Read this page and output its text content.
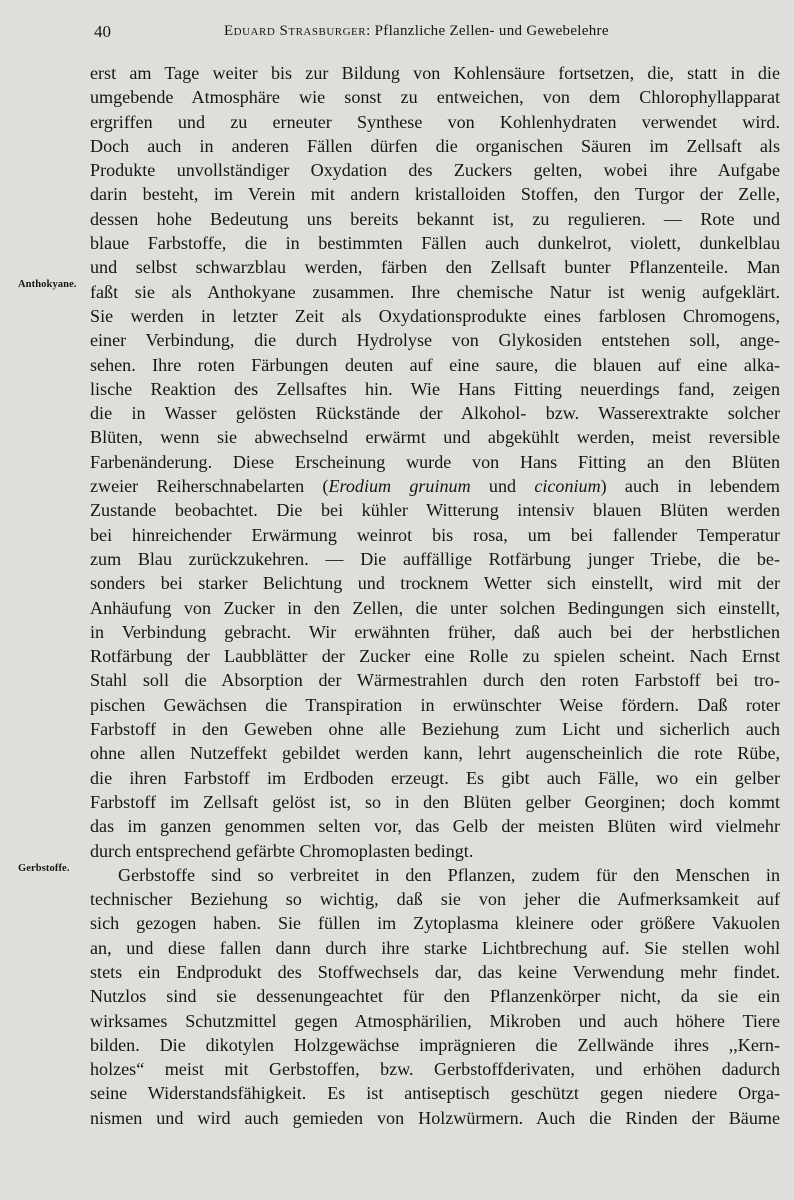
40	Eduard Strasburger: Pflanzliche Zellen- und Gewebelehre
Anthokyane.
Gerbstoffe.
erst am Tage weiter bis zur Bildung von Kohlensäure fortsetzen, die, statt in die
umgebende Atmosphäre wie sonst zu entweichen, von dem Chlorophyllapparat
ergriffen und zu erneuter Synthese von Kohlenhydraten verwendet wird.
Doch auch in anderen Fällen dürfen die organischen Säuren im Zellsaft als
Produkte unvollständiger Oxydation des Zuckers gelten, wobei ihre Aufgabe
darin besteht, im Verein mit andern kristalloiden Stoffen, den Turgor der Zelle,
dessen hohe Bedeutung uns bereits bekannt ist, zu regulieren. — Rote und
blaue Farbstoffe, die in bestimmten Fällen auch dunkelrot, violett, dunkelblau
und selbst schwarzblau werden, färben den Zellsaft bunter Pflanzenteile. Man
faßt sie als Anthokyane zusammen. Ihre chemische Natur ist wenig aufgeklärt.
Sie werden in letzter Zeit als Oxydationsprodukte eines farblosen Chromogens,
einer Verbindung, die durch Hydrolyse von Glykosiden entstehen soll, ange-
sehen. Ihre roten Färbungen deuten auf eine saure, die blauen auf eine alka-
lische Reaktion des Zellsaftes hin. Wie Hans Fitting neuerdings fand, zeigen
die in Wasser gelösten Rückstände der Alkohol- bzw. Wasserextrakte solcher
Blüten, wenn sie abwechselnd erwärmt und abgekühlt werden, meist reversible
Farbenänderung. Diese Erscheinung wurde von Hans Fitting an den Blüten
zweier Reiherschnabelarten (Erodium gruinum und ciconium) auch in lebendem
Zustande beobachtet. Die bei kühler Witterung intensiv blauen Blüten werden
bei hinreichender Erwärmung weinrot bis rosa, um bei fallender Temperatur
zum Blau zurückzukehren. — Die auffällige Rotfärbung junger Triebe, die be-
sonders bei starker Belichtung und trocknem Wetter sich einstellt, wird mit der
Anhäufung von Zucker in den Zellen, die unter solchen Bedingungen sich einstellt,
in Verbindung gebracht. Wir erwähnten früher, daß auch bei der herbstlichen
Rotfärbung der Laubblätter der Zucker eine Rolle zu spielen scheint. Nach Ernst
Stahl soll die Absorption der Wärmestrahlen durch den roten Farbstoff bei tro-
pischen Gewächsen die Transpiration in erwünschter Weise fördern. Daß roter
Farbstoff in den Geweben ohne alle Beziehung zum Licht und sicherlich auch
ohne allen Nutzeffekt gebildet werden kann, lehrt augenscheinlich die rote Rübe,
die ihren Farbstoff im Erdboden erzeugt. Es gibt auch Fälle, wo ein gelber
Farbstoff im Zellsaft gelöst ist, so in den Blüten gelber Georginen; doch kommt
das im ganzen genommen selten vor, das Gelb der meisten Blüten wird vielmehr
durch entsprechend gefärbte Chromoplasten bedingt.
Gerbstoffe sind so verbreitet in den Pflanzen, zudem für den Menschen in
technischer Beziehung so wichtig, daß sie von jeher die Aufmerksamkeit auf
sich gezogen haben. Sie füllen im Zytoplasma kleinere oder größere Vakuolen
an, und diese fallen dann durch ihre starke Lichtbrechung auf. Sie stellen wohl
stets ein Endprodukt des Stoffwechsels dar, das keine Verwendung mehr findet.
Nutzlos sind sie dessenungeachtet für den Pflanzenkörper nicht, da sie ein
wirksames Schutzmittel gegen Atmosphärilien, Mikroben und auch höhere Tiere
bilden. Die dikotylen Holzgewächse imprägnieren die Zellwände ihres ,,Kern-
holzes“ meist mit Gerbstoffen, bzw. Gerbstoffderivaten, und erhöhen dadurch
seine Widerstandsfähigkeit. Es ist antiseptisch geschützt gegen niedere Orga-
nismen und wird auch gemieden von Holzwürmern. Auch die Rinden der Bäume
